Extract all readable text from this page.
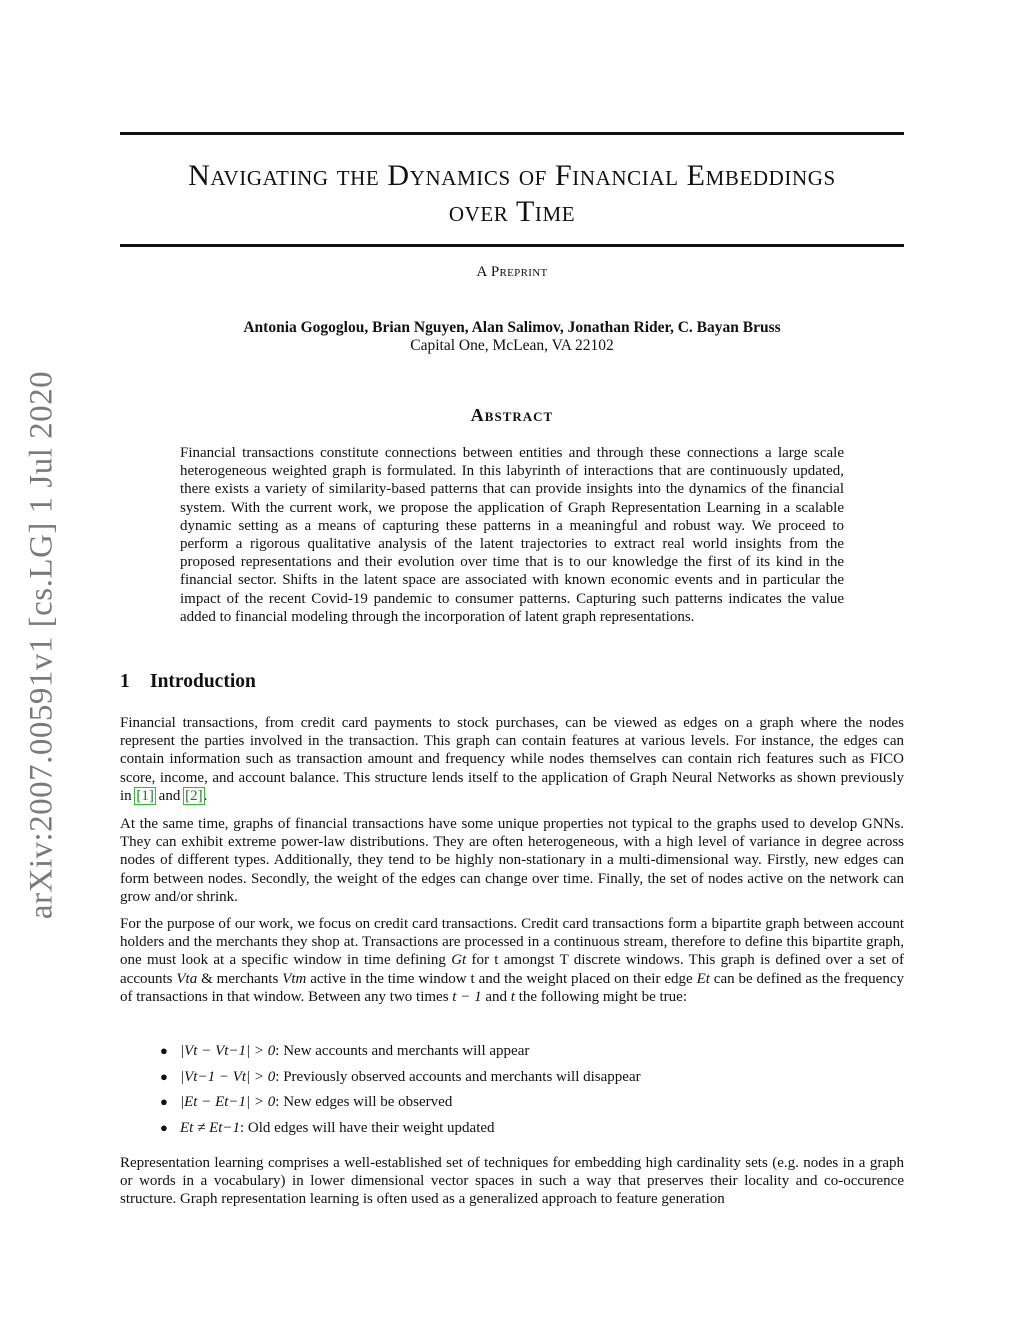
arXiv:2007.00591v1 [cs.LG] 1 Jul 2020
Navigating the Dynamics of Financial Embeddings
over Time
A Preprint
Antonia Gogoglou, Brian Nguyen, Alan Salimov, Jonathan Rider, C. Bayan Bruss
Capital One, McLean, VA 22102
Abstract
Financial transactions constitute connections between entities and through these connections a large scale heterogeneous weighted graph is formulated. In this labyrinth of interactions that are continuously updated, there exists a variety of similarity-based patterns that can provide insights into the dynamics of the financial system. With the current work, we propose the application of Graph Representation Learning in a scalable dynamic setting as a means of capturing these patterns in a meaningful and robust way. We proceed to perform a rigorous qualitative analysis of the latent trajectories to extract real world insights from the proposed representations and their evolution over time that is to our knowledge the first of its kind in the financial sector. Shifts in the latent space are associated with known economic events and in particular the impact of the recent Covid-19 pandemic to consumer patterns. Capturing such patterns indicates the value added to financial modeling through the incorporation of latent graph representations.
1 Introduction

Financial transactions, from credit card payments to stock purchases, can be viewed as edges on a graph where the nodes represent the parties involved in the transaction. This graph can contain features at various levels. For instance, the edges can contain information such as transaction amount and frequency while nodes themselves can contain rich features such as FICO score, income, and account balance. This structure lends itself to the application of Graph Neural Networks as shown previously in [1] and [2].

At the same time, graphs of financial transactions have some unique properties not typical to the graphs used to develop GNNs. They can exhibit extreme power-law distributions. They are often heterogeneous, with a high level of variance in degree across nodes of different types. Additionally, they tend to be highly non-stationary in a multi-dimensional way. Firstly, new edges can form between nodes. Secondly, the weight of the edges can change over time. Finally, the set of nodes active on the network can grow and/or shrink.

For the purpose of our work, we focus on credit card transactions. Credit card transactions form a bipartite graph between account holders and the merchants they shop at. Transactions are processed in a continuous stream, therefore to define this bipartite graph, one must look at a specific window in time defining Gt for t amongst T discrete windows. This graph is defined over a set of accounts Vta & merchants Vtm active in the time window t and the weight placed on their edge Et can be defined as the frequency of transactions in that window. Between any two times t − 1 and t the following might be true:

● |Vt − Vt−1| > 0: New accounts and merchants will appear
● |Vt−1 − Vt| > 0: Previously observed accounts and merchants will disappear
● |Et − Et−1| > 0: New edges will be observed
● Et ≠ Et−1: Old edges will have their weight updated

Representation learning comprises a well-established set of techniques for embedding high cardinality sets (e.g. nodes in a graph or words in a vocabulary) in lower dimensional vector spaces in such a way that preserves their locality and co-occurence structure. Graph representation learning is often used as a generalized approach to feature generation
